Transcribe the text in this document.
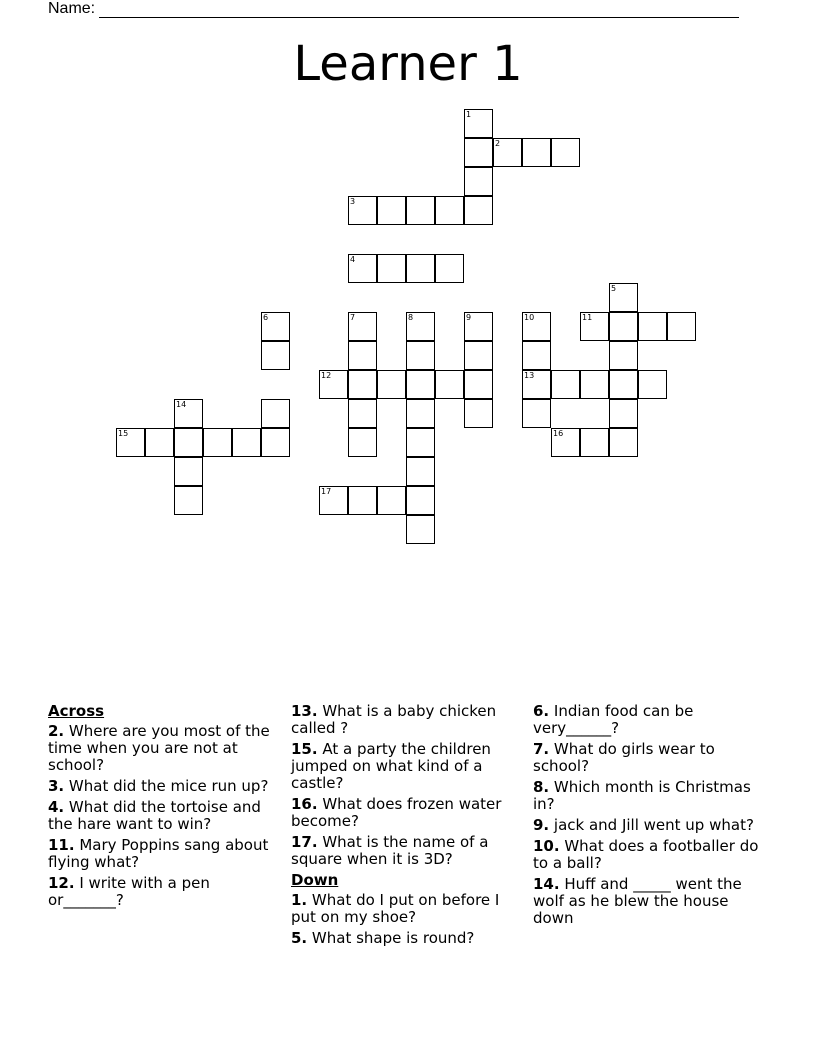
Name:
Learner 1
1
2
3
4
5
6	7	8	9	10	11
12	13
14
15	16
17
Across
2. Where are you most of the time when you are not at school?
3. What did the mice run up?
4. What did the tortoise and the hare want to win?
11. Mary Poppins sang about flying what?
12. I write with a pen or_______?
13. What is a baby chicken called ?
15. At a party the children jumped on what kind of a castle?
16. What does frozen water become?
17. What is the name of a square when it is 3D?
Down
1. What do I put on before I put on my shoe?
5. What shape is round?
6. Indian food can be very______?
7. What do girls wear to school?
8. Which month is Christmas in?
9. jack and Jill went up what?
10. What does a footballer do to a ball?
14. Huff and _____ went the wolf as he blew the house down
